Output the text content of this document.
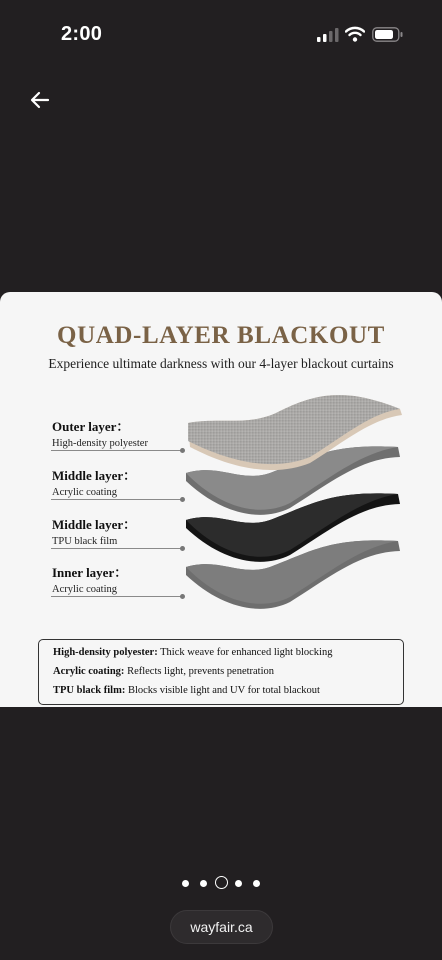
2:00
QUAD-LAYER BLACKOUT

Experience ultimate darkness with our 4-layer blackout curtains

Outer layer：
High-density polyester
Middle layer：
Acrylic coating
Middle layer：
TPU black film
Inner layer：
Acrylic coating
High-density polyester: Thick weave for enhanced light blocking
Acrylic coating: Reflects light, prevents penetration
TPU black film: Blocks visible light and UV for total blackout
wayfair.ca
